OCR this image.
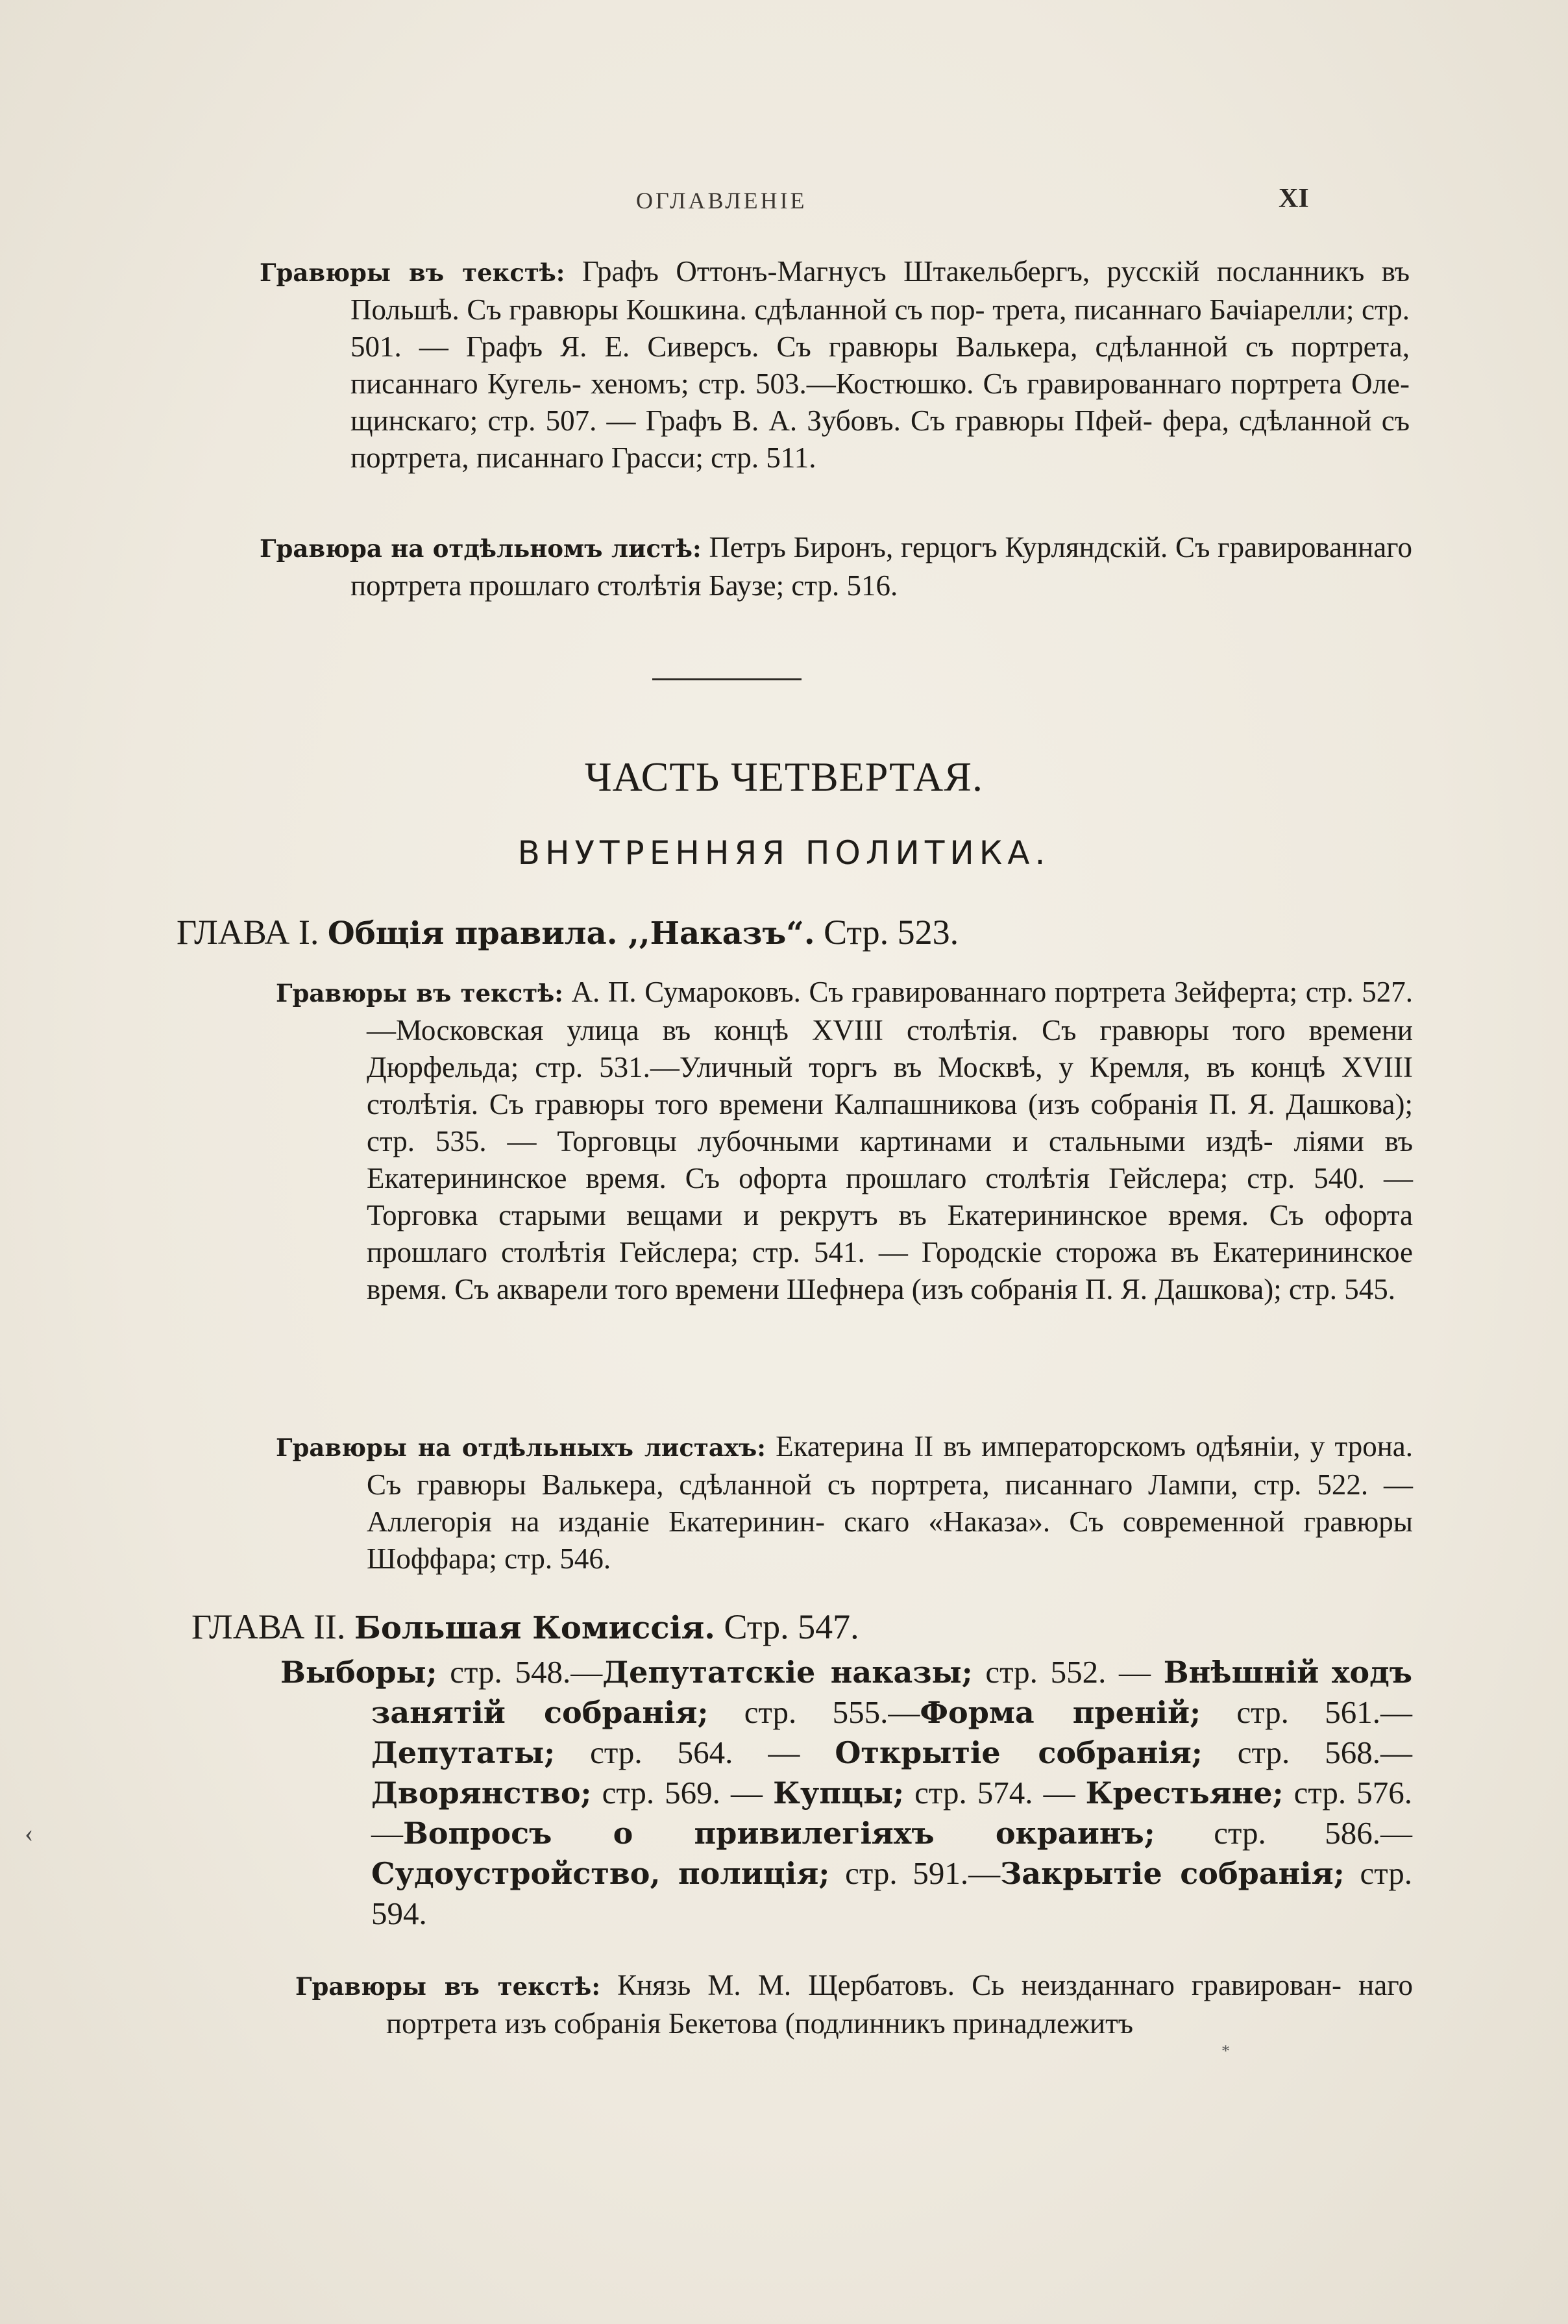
ОГЛАВЛЕНІЕ	XI
Гравюры въ текстѣ: Графъ Оттонъ-Магнусъ Штакельбергъ, русскій посланникъ въ Польшѣ. Съ гравюры Кошкина. сдѣланной съ пор- трета, писаннаго Бачіарелли; стр. 501. — Графъ Я. Е. Сиверсъ. Съ гравюры Валькера, сдѣланной съ портрета, писаннаго Кугель- хеномъ; стр. 503.—Костюшко. Съ гравированнаго портрета Оле- щинскаго; стр. 507. — Графъ В. А. Зубовъ. Съ гравюры Пфей- фера, сдѣланной съ портрета, писаннаго Грасси; стр. 511.
Гравюра на отдѣльномъ листѣ: Петръ Биронъ, герцогъ Курляндскій. Съ гравированнаго портрета прошлаго столѣтія Баузе; стр. 516.
ЧАСТЬ ЧЕТВЕРТАЯ.
ВНУТРЕННЯЯ ПОЛИТИКА.
ГЛАВА I. Общія правила. ,,Наказъ“. Стр. 523.
Гравюры въ текстѣ: А. П. Сумароковъ. Съ гравированнаго портрета Зейферта; стр. 527.—Московская улица въ концѣ XVIII столѣтія. Съ гравюры того времени Дюрфельда; стр. 531.—Уличный торгъ въ Москвѣ, у Кремля, въ концѣ XVIII столѣтія. Съ гравюры того времени Калпашникова (изъ собранія П. Я. Дашкова); стр. 535. — Торговцы лубочными картинами и стальными издѣ- ліями въ Екатерининское время. Съ офорта прошлаго столѣтія Гейслера; стр. 540. — Торговка старыми вещами и рекрутъ въ Екатерининское время. Съ офорта прошлаго столѣтія Гейслера; стр. 541. — Городскіе сторожа въ Екатерининское время. Съ акварели того времени Шефнера (изъ собранія П. Я. Дашкова); стр. 545.
Гравюры на отдѣльныхъ листахъ: Екатерина II въ императорскомъ одѣяніи, у трона. Съ гравюры Валькера, сдѣланной съ портрета, писаннаго Лампи, стр. 522. — Аллегорія на изданіе Екатеринин- скаго «Наказа». Съ современной гравюры Шоффара; стр. 546.
ГЛАВА II. Большая Комиссія. Стр. 547.
Выборы; стр. 548.—Депутатскіе наказы; стр. 552. — Внѣшній ходъ занятій собранія; стр. 555.—Форма преній; стр. 561.— Депутаты; стр. 564. — Открытіе собранія; стр. 568.— Дворянство; стр. 569. — Купцы; стр. 574. — Крестьяне; стр. 576.—Вопросъ о привилегіяхъ окраинъ; стр. 586.— Судоустройство, полиція; стр. 591.—Закрытіе собранія; стр. 594.
Гравюры въ текстѣ: Князь М. М. Щербатовъ. Сь неизданнаго гравирован- наго портрета изъ собранія Бекетова (подлинникъ принадлежитъ
‹
*
